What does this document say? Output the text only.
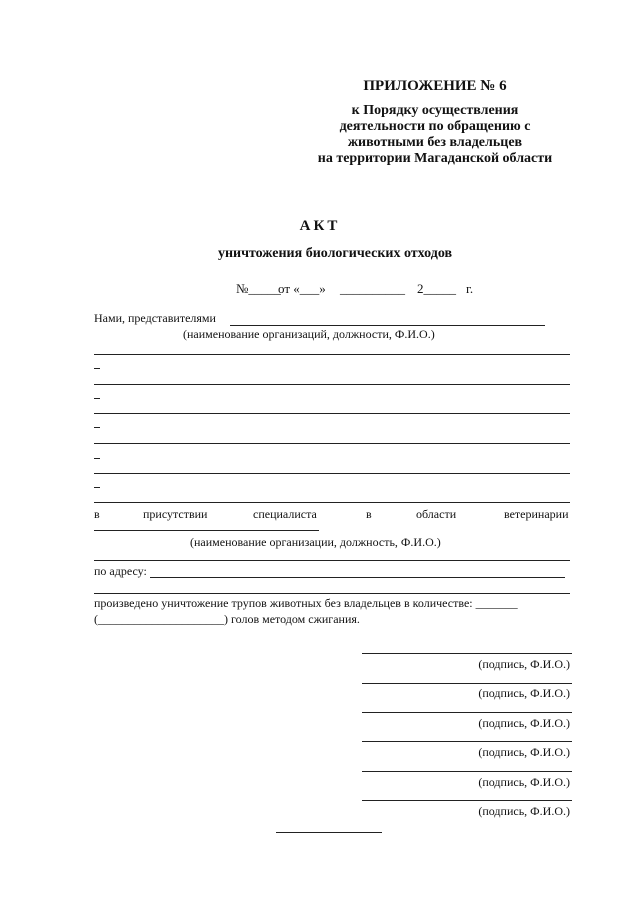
ПРИЛОЖЕНИЕ № 6
к Порядку осуществления
деятельности по обращению с
животными без владельцев
на территории Магаданской области
АКТ
уничтожения биологических отходов
№_____
от «___» __________ 2_____ г.
Нами, представителями
(наименование организаций, должности, Ф.И.О.)
в	присутствии	специалиста	в	области	ветеринарии
(наименование организации, должность, Ф.И.О.)
по адресу:
произведено уничтожение трупов животных без владельцев в количестве: _______
(_____________________) голов методом сжигания.
(подпись, Ф.И.О.)
(подпись, Ф.И.О.)
(подпись, Ф.И.О.)
(подпись, Ф.И.О.)
(подпись, Ф.И.О.)
(подпись, Ф.И.О.)
